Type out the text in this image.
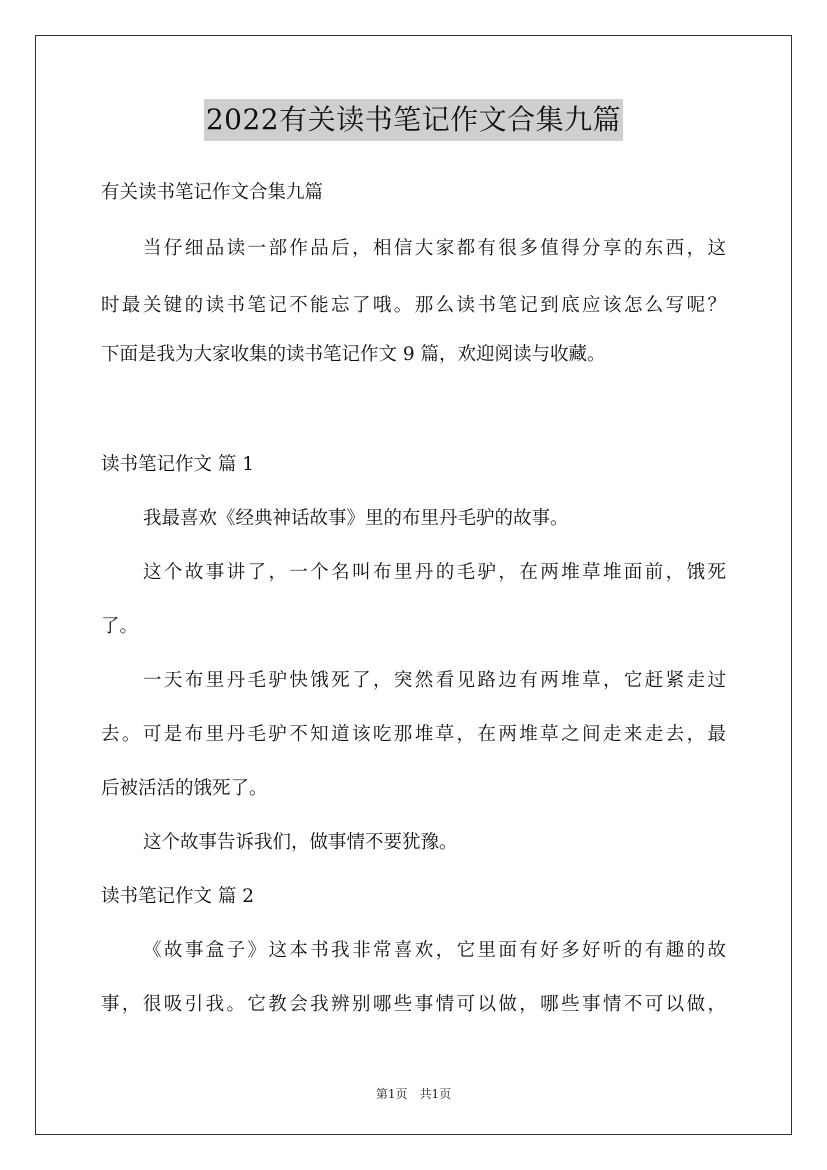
2022有关读书笔记作文合集九篇
有关读书笔记作文合集九篇
当仔细品读一部作品后，相信大家都有很多值得分享的东西，这
时最关键的读书笔记不能忘了哦。那么读书笔记到底应该怎么写呢？
下面是我为大家收集的读书笔记作文 9 篇，欢迎阅读与收藏。
读书笔记作文 篇 1
我最喜欢《经典神话故事》里的布里丹毛驴的故事。
这个故事讲了，一个名叫布里丹的毛驴，在两堆草堆面前，饿死
了。
一天布里丹毛驴快饿死了，突然看见路边有两堆草，它赶紧走过
去。可是布里丹毛驴不知道该吃那堆草，在两堆草之间走来走去，最
后被活活的饿死了。
这个故事告诉我们，做事情不要犹豫。
读书笔记作文 篇 2
《故事盒子》这本书我非常喜欢，它里面有好多好听的有趣的故
事，很吸引我。它教会我辨别哪些事情可以做，哪些事情不可以做，
第1页　共1页
